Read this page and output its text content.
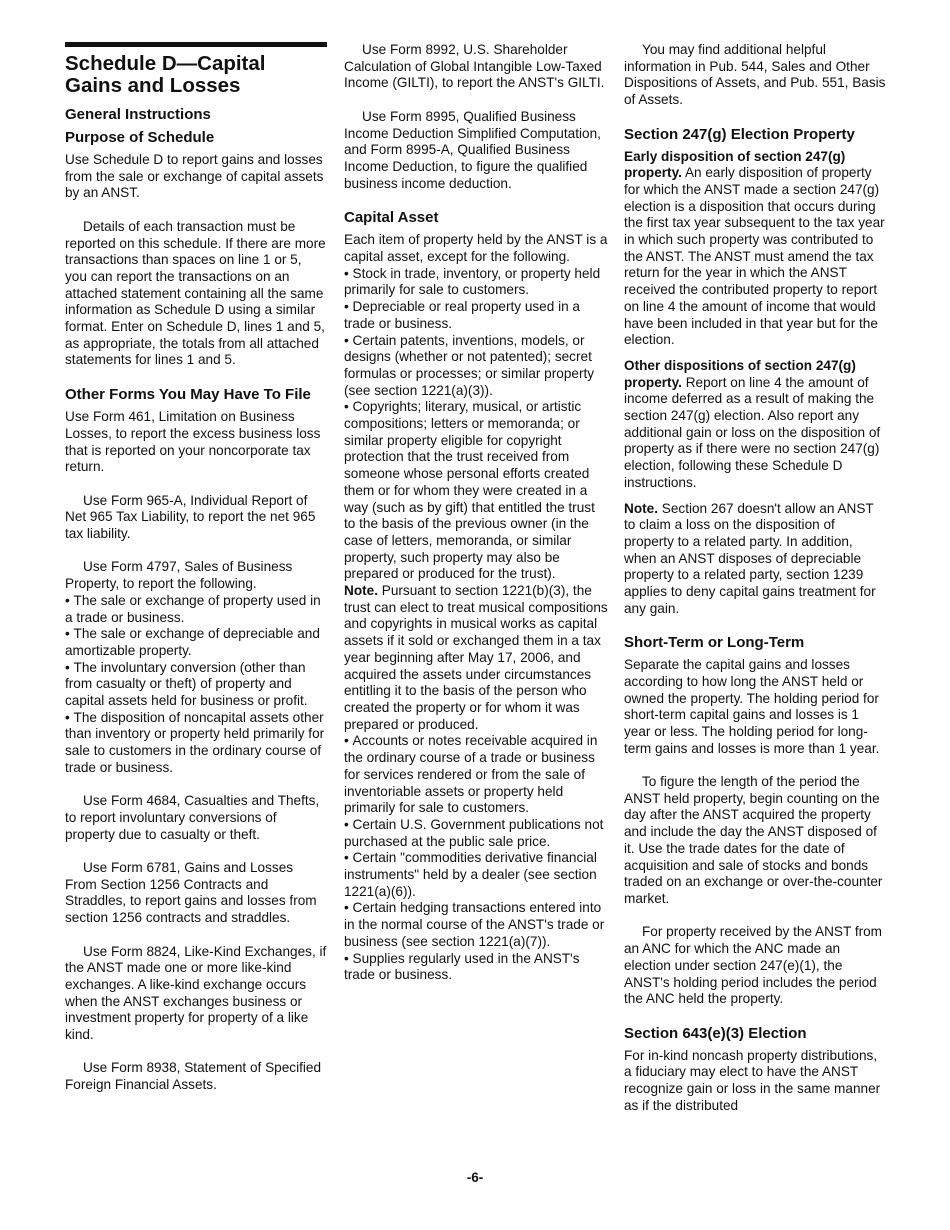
Schedule D—Capital Gains and Losses
General Instructions
Purpose of Schedule

Use Schedule D to report gains and losses from the sale or exchange of capital assets by an ANST.

Details of each transaction must be reported on this schedule. If there are more transactions than spaces on line 1 or 5, you can report the transactions on an attached statement containing all the same information as Schedule D using a similar format. Enter on Schedule D, lines 1 and 5, as appropriate, the totals from all attached statements for lines 1 and 5.

Other Forms You May Have To File

Use Form 461, Limitation on Business Losses, to report the excess business loss that is reported on your noncorporate tax return.

Use Form 965-A, Individual Report of Net 965 Tax Liability, to report the net 965 tax liability.

Use Form 4797, Sales of Business Property, to report the following.

• The sale or exchange of property used in a trade or business.
• The sale or exchange of depreciable and amortizable property.
• The involuntary conversion (other than from casualty or theft) of property and capital assets held for business or profit.
• The disposition of noncapital assets other than inventory or property held primarily for sale to customers in the ordinary course of trade or business.

Use Form 4684, Casualties and Thefts, to report involuntary conversions of property due to casualty or theft.

Use Form 6781, Gains and Losses From Section 1256 Contracts and Straddles, to report gains and losses from section 1256 contracts and straddles.

Use Form 8824, Like-Kind Exchanges, if the ANST made one or more like-kind exchanges. A like-kind exchange occurs when the ANST exchanges business or investment property for property of a like kind.

Use Form 8938, Statement of Specified Foreign Financial Assets.

Use Form 8992, U.S. Shareholder Calculation of Global Intangible Low-Taxed Income (GILTI), to report the ANST's GILTI.

Use Form 8995, Qualified Business Income Deduction Simplified Computation, and Form 8995-A, Qualified Business Income Deduction, to figure the qualified business income deduction.

Capital Asset

Each item of property held by the ANST is a capital asset, except for the following.

• Stock in trade, inventory, or property held primarily for sale to customers.
• Depreciable or real property used in a trade or business.
• Certain patents, inventions, models, or designs (whether or not patented); secret formulas or processes; or similar property (see section 1221(a)(3)).
• Copyrights; literary, musical, or artistic compositions; letters or memoranda; or similar property eligible for copyright protection that the trust received from someone whose personal efforts created them or for whom they were created in a way (such as by gift) that entitled the trust to the basis of the previous owner (in the case of letters, memoranda, or similar property, such property may also be prepared or produced for the trust).

Note. Pursuant to section 1221(b)(3), the trust can elect to treat musical compositions and copyrights in musical works as capital assets if it sold or exchanged them in a tax year beginning after May 17, 2006, and acquired the assets under circumstances entitling it to the basis of the person who created the property or for whom it was prepared or produced.

• Accounts or notes receivable acquired in the ordinary course of a trade or business for services rendered or from the sale of inventoriable assets or property held primarily for sale to customers.
• Certain U.S. Government publications not purchased at the public sale price.
• Certain "commodities derivative financial instruments" held by a dealer (see section 1221(a)(6)).
• Certain hedging transactions entered into in the normal course of the ANST's trade or business (see section 1221(a)(7)).
• Supplies regularly used in the ANST's trade or business.

You may find additional helpful information in Pub. 544, Sales and Other Dispositions of Assets, and Pub. 551, Basis of Assets.

Section 247(g) Election Property

Early disposition of section 247(g) property. An early disposition of property for which the ANST made a section 247(g) election is a disposition that occurs during the first tax year subsequent to the tax year in which such property was contributed to the ANST. The ANST must amend the tax return for the year in which the ANST received the contributed property to report on line 4 the amount of income that would have been included in that year but for the election.

Other dispositions of section 247(g) property. Report on line 4 the amount of income deferred as a result of making the section 247(g) election. Also report any additional gain or loss on the disposition of property as if there were no section 247(g) election, following these Schedule D instructions.

Note. Section 267 doesn't allow an ANST to claim a loss on the disposition of property to a related party. In addition, when an ANST disposes of depreciable property to a related party, section 1239 applies to deny capital gains treatment for any gain.

Short-Term or Long-Term

Separate the capital gains and losses according to how long the ANST held or owned the property. The holding period for short-term capital gains and losses is 1 year or less. The holding period for long-term gains and losses is more than 1 year.

To figure the length of the period the ANST held property, begin counting on the day after the ANST acquired the property and include the day the ANST disposed of it. Use the trade dates for the date of acquisition and sale of stocks and bonds traded on an exchange or over-the-counter market.

For property received by the ANST from an ANC for which the ANC made an election under section 247(e)(1), the ANST's holding period includes the period the ANC held the property.

Section 643(e)(3) Election

For in-kind noncash property distributions, a fiduciary may elect to have the ANST recognize gain or loss in the same manner as if the distributed

-6-
